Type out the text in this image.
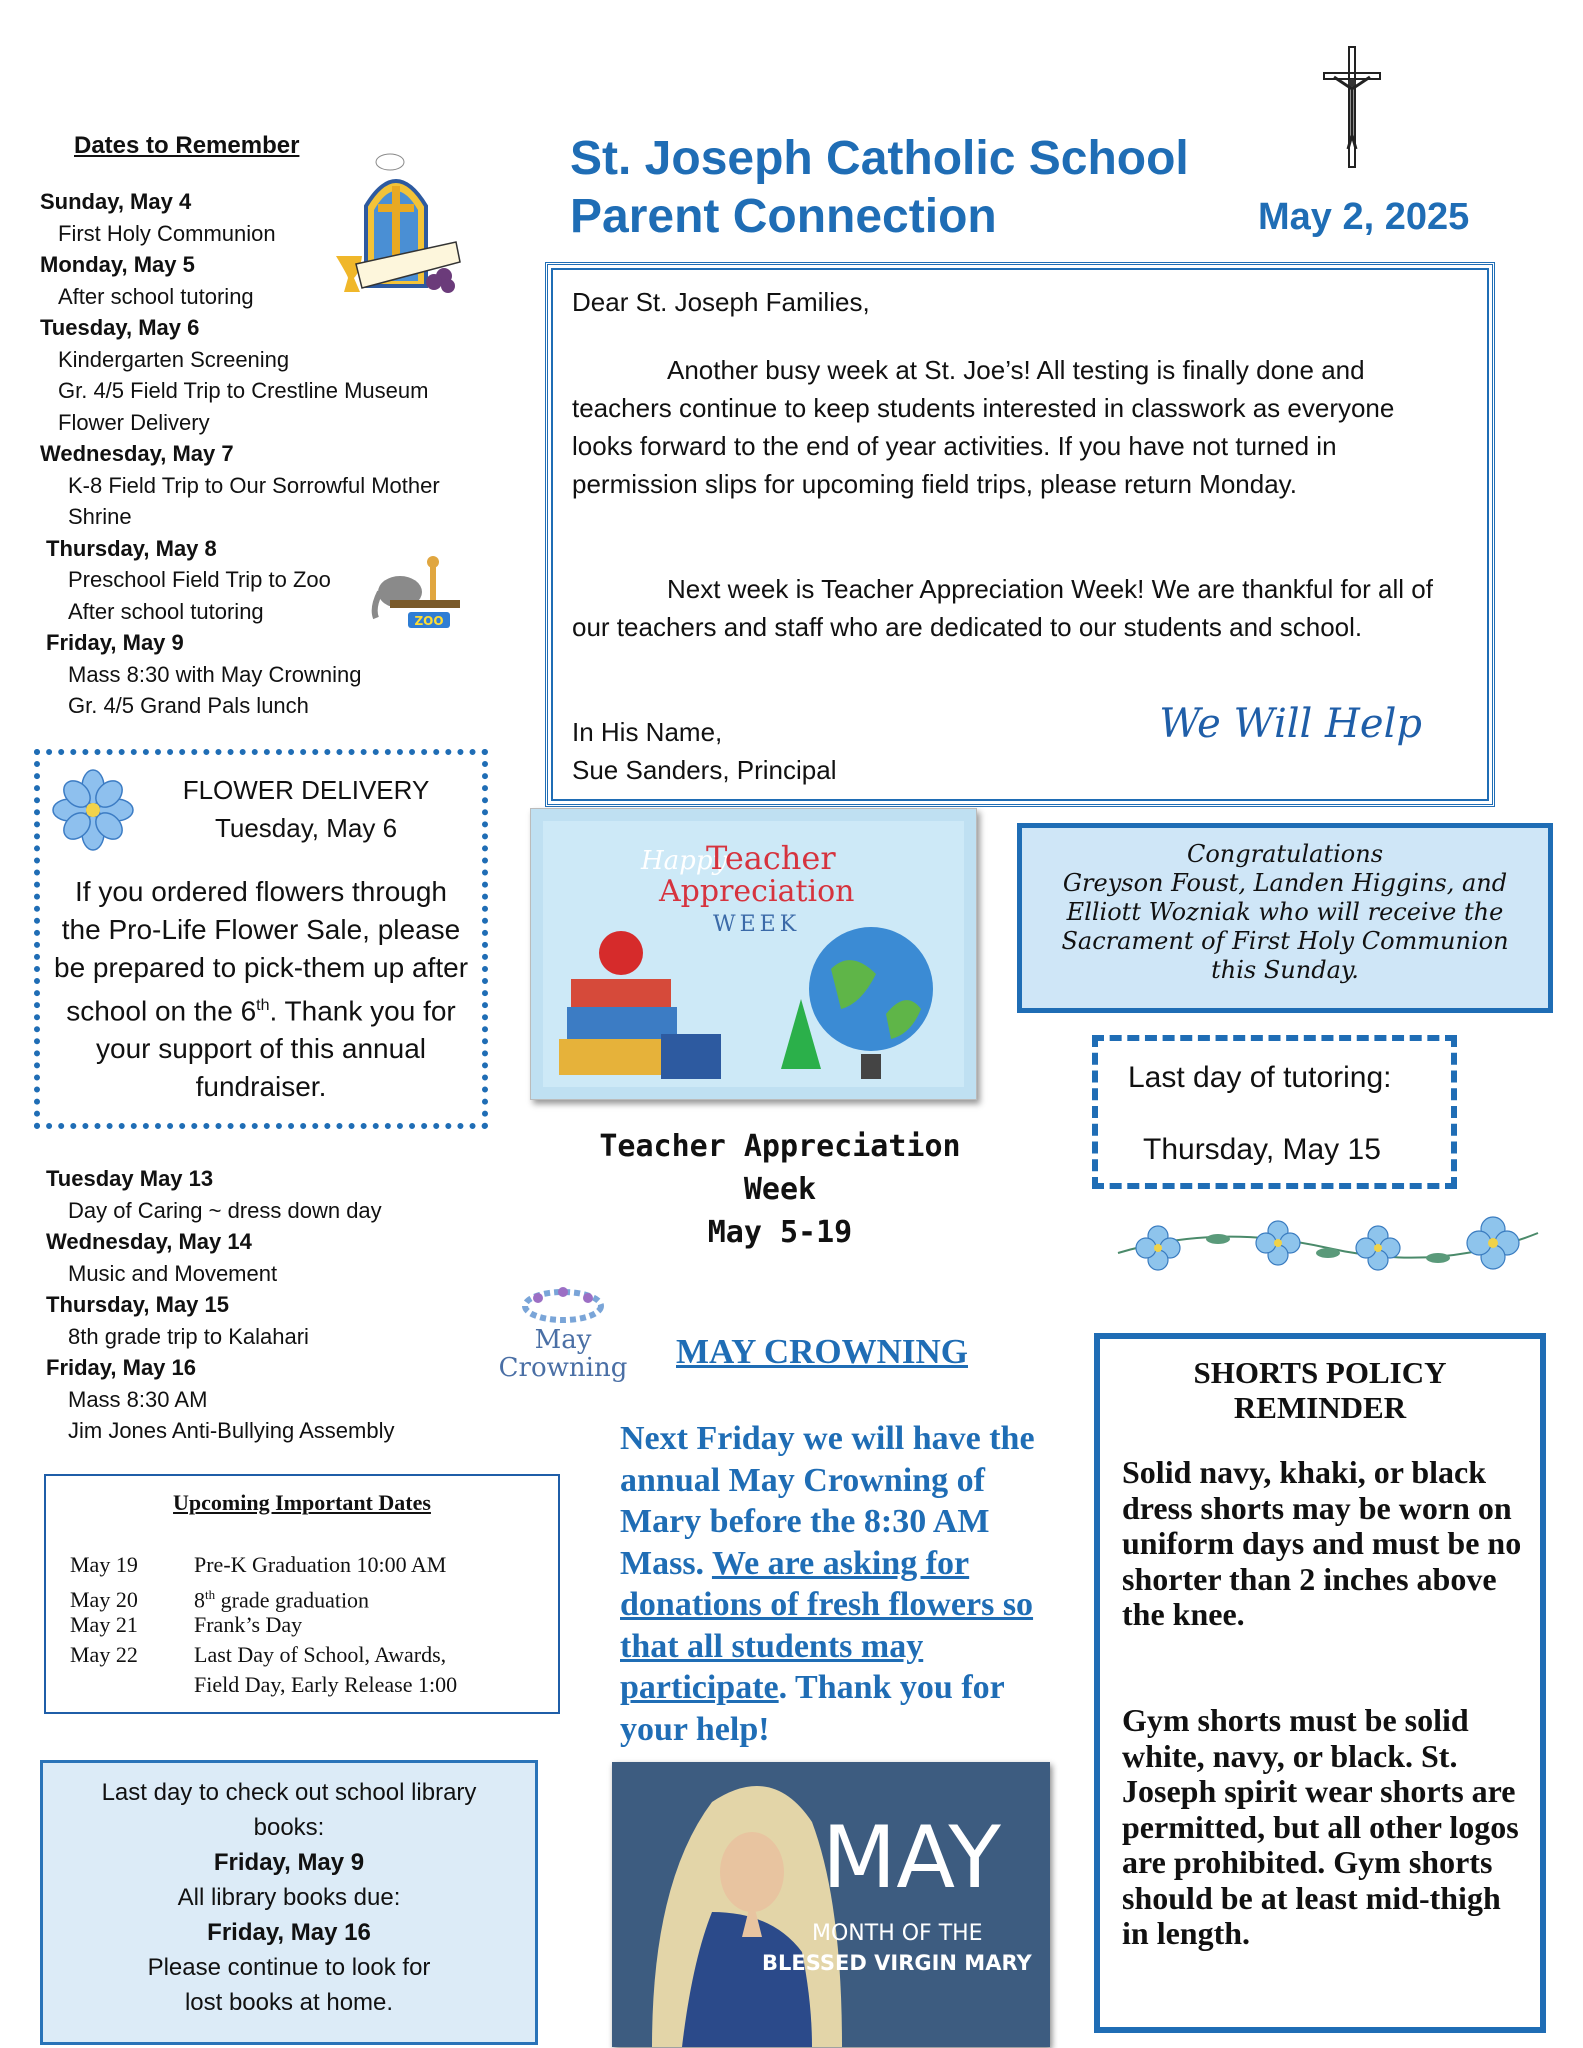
St. Joseph Catholic School
Parent Connection	May 2, 2025
Dates to Remember
Sunday, May 4
First Holy Communion
Monday, May 5
After school tutoring
Tuesday, May 6
Kindergarten Screening
Gr. 4/5 Field Trip to Crestline Museum
Flower Delivery
Wednesday, May 7
K-8 Field Trip to Our Sorrowful Mother
Shrine
Thursday, May 8
Preschool Field Trip to Zoo
After school tutoring
Friday, May 9
Mass 8:30 with May Crowning
Gr. 4/5 Grand Pals lunch
ZOO
FLOWER DELIVERY
Tuesday, May 6
If you ordered flowers through the Pro-Life Flower Sale, please be prepared to pick-them up after school on the 6th. Thank you for your support of this annual fundraiser.
Tuesday May 13
Day of Caring ~ dress down day
Wednesday, May 14
Music and Movement
Thursday, May 15
8th grade trip to Kalahari
Friday, May 16
Mass 8:30 AM
Jim Jones Anti-Bullying Assembly
May
Crowning
Upcoming Important Dates
May 19	Pre-K Graduation 10:00 AM
May 20	8th grade graduation
May 21	Frank’s Day
May 22	Last Day of School, Awards,
Field Day, Early Release 1:00
Last day to check out school library books:
Friday, May 9
All library books due:
Friday, May 16
Please continue to look for lost books at home.
Dear St. Joseph Families,
Another busy week at St. Joe’s! All testing is finally done and teachers continue to keep students interested in classwork as everyone looks forward to the end of year activities. If you have not turned in permission slips for upcoming field trips, please return Monday.
Next week is Teacher Appreciation Week! We are thankful for all of our teachers and staff who are dedicated to our students and school.
In His Name,
Sue Sanders, Principal
We Will Help
Happy
Teacher
Appreciation
WEEK
Teacher Appreciation
Week
May 5-19
Congratulations
Greyson Foust, Landen Higgins, and
Elliott Wozniak who will receive the
Sacrament of First Holy Communion
this Sunday.
Last day of tutoring:
Thursday, May 15
MAY CROWNING
Next Friday we will have the annual May Crowning of Mary before the 8:30 AM Mass. We are asking for donations of fresh flowers so that all students may participate. Thank you for your help!
MAY
MONTH OF THE
BLESSED VIRGIN MARY
SHORTS POLICY
REMINDER
Solid navy, khaki, or black dress shorts may be worn on uniform days and must be no shorter than 2 inches above the knee.
Gym shorts must be solid white, navy, or black. St. Joseph spirit wear shorts are permitted, but all other logos are prohibited. Gym shorts should be at least mid-thigh in length.
